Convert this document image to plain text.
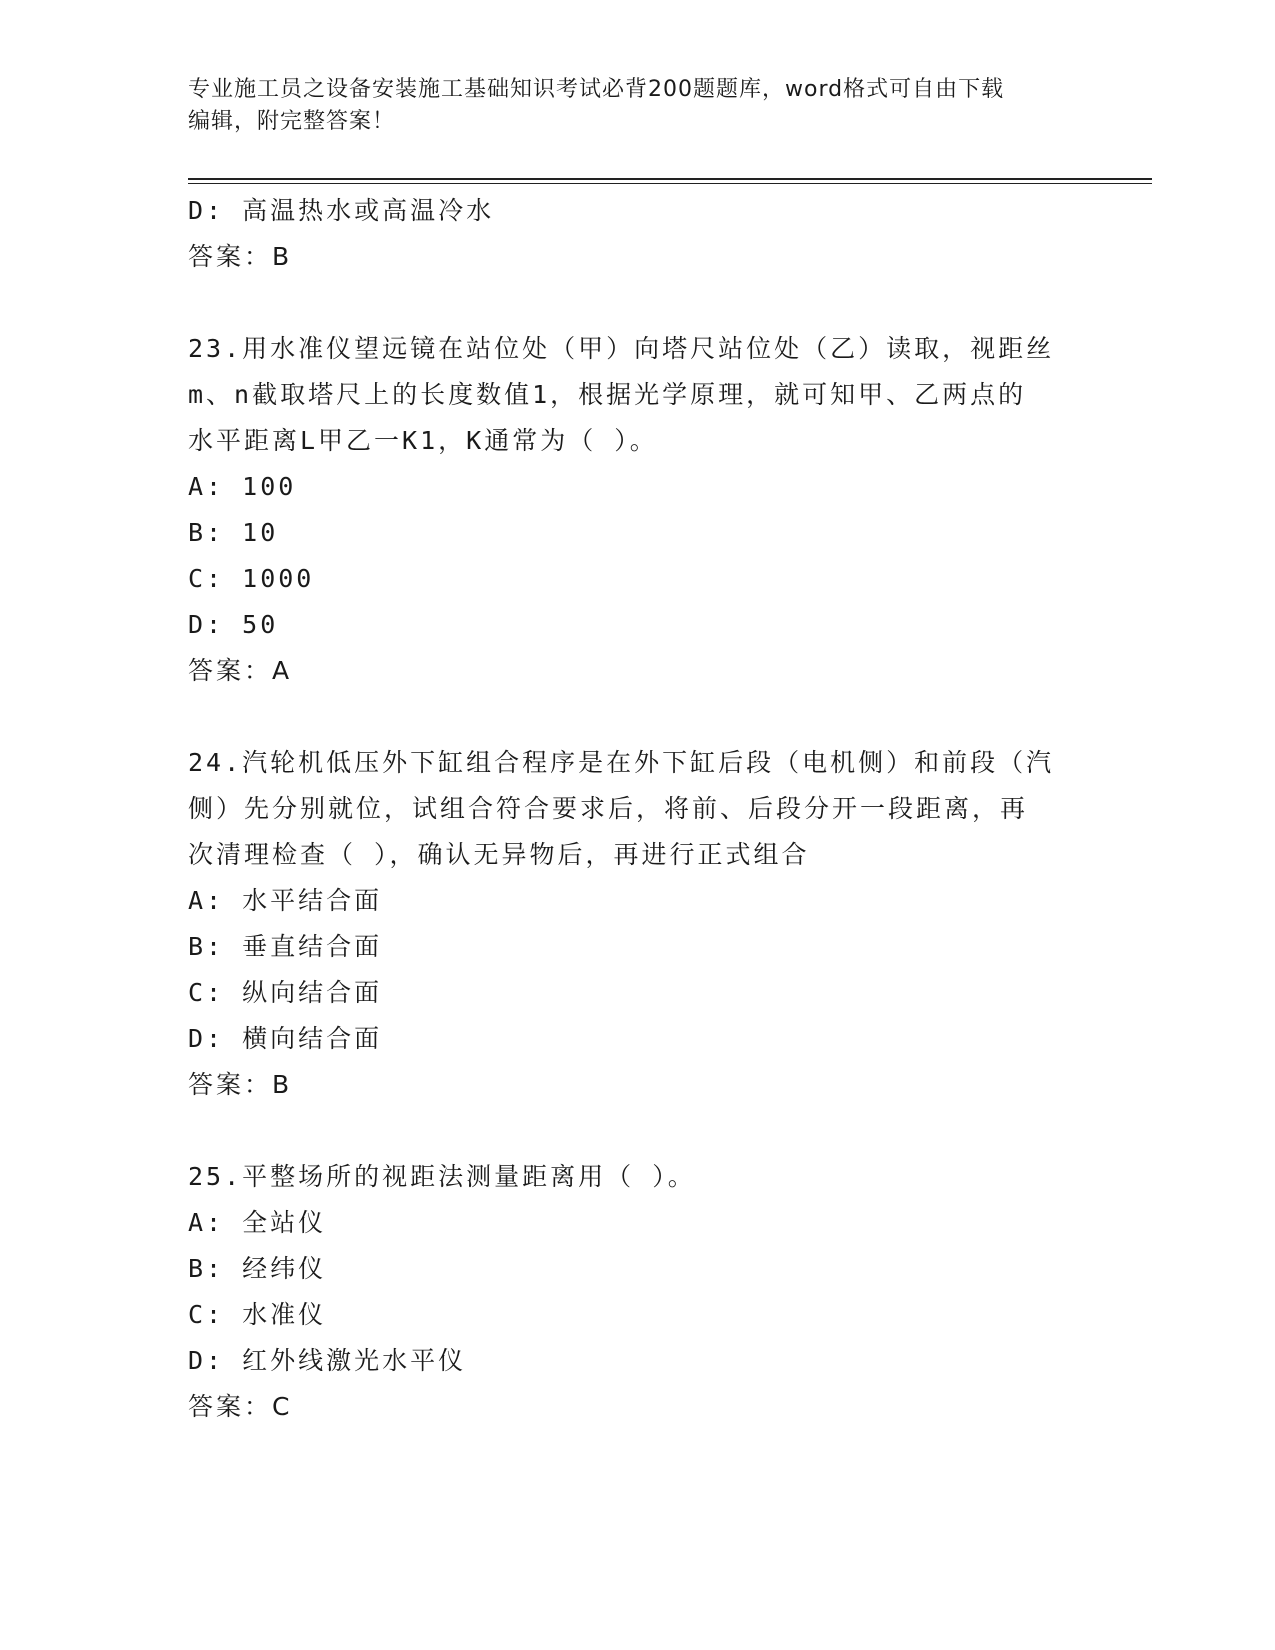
专业施工员之设备安装施工基础知识考试必背200题题库，word格式可自由下载
编辑，附完整答案！
D: 高温热水或高温冷水
答案：B
23.用水准仪望远镜在站位处（甲）向塔尺站位处（乙）读取，视距丝
m、n截取塔尺上的长度数值1，根据光学原理，就可知甲、乙两点的
水平距离L甲乙一K1，K通常为（ ）。
A: 100
B: 10
C: 1000
D: 50
答案：A
24.汽轮机低压外下缸组合程序是在外下缸后段（电机侧）和前段（汽
侧）先分别就位，试组合符合要求后，将前、后段分开一段距离，再
次清理检查（ ），确认无异物后，再进行正式组合
A: 水平结合面
B: 垂直结合面
C: 纵向结合面
D: 横向结合面
答案：B
25.平整场所的视距法测量距离用（ ）。
A: 全站仪
B: 经纬仪
C: 水准仪
D: 红外线激光水平仪
答案：C
